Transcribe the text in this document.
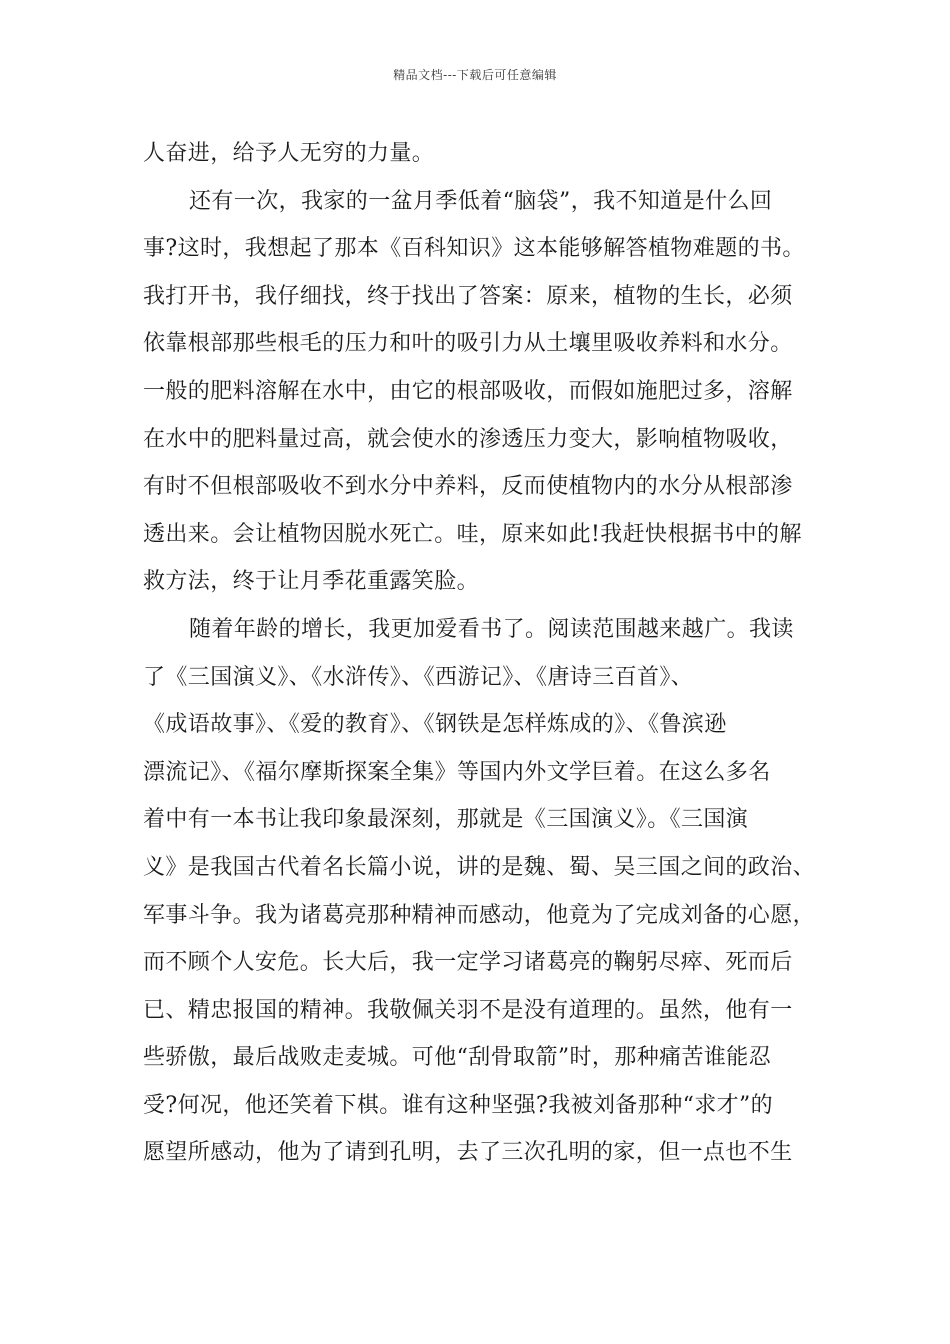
精品文档---下载后可任意编辑
人奋进，给予人无穷的力量。
还有一次，我家的一盆月季低着“脑袋”，我不知道是什么回
事?这时，我想起了那本《百科知识》这本能够解答植物难题的书。
我打开书，我仔细找，终于找出了答案：原来，植物的生长，必须
依靠根部那些根毛的压力和叶的吸引力从土壤里吸收养料和水分。
一般的肥料溶解在水中，由它的根部吸收，而假如施肥过多，溶解
在水中的肥料量过高，就会使水的渗透压力变大，影响植物吸收，
有时不但根部吸收不到水分中养料，反而使植物内的水分从根部渗
透出来。会让植物因脱水死亡。哇，原来如此!我赶快根据书中的解
救方法，终于让月季花重露笑脸。
随着年龄的增长，我更加爱看书了。阅读范围越来越广。我读
了《三国演义》、《水浒传》、《西游记》、《唐诗三百首》、
《成语故事》、《爱的教育》、《钢铁是怎样炼成的》、《鲁滨逊
漂流记》、《福尔摩斯探案全集》等国内外文学巨着。在这么多名
着中有一本书让我印象最深刻，那就是《三国演义》。《三国演
义》是我国古代着名长篇小说，讲的是魏、蜀、吴三国之间的政治、
军事斗争。我为诸葛亮那种精神而感动，他竟为了完成刘备的心愿，
而不顾个人安危。长大后，我一定学习诸葛亮的鞠躬尽瘁、死而后
已、精忠报国的精神。我敬佩关羽不是没有道理的。虽然，他有一
些骄傲，最后战败走麦城。可他“刮骨取箭”时，那种痛苦谁能忍
受?何况，他还笑着下棋。谁有这种坚强?我被刘备那种“求才”的
愿望所感动，他为了请到孔明，去了三次孔明的家，但一点也不生
